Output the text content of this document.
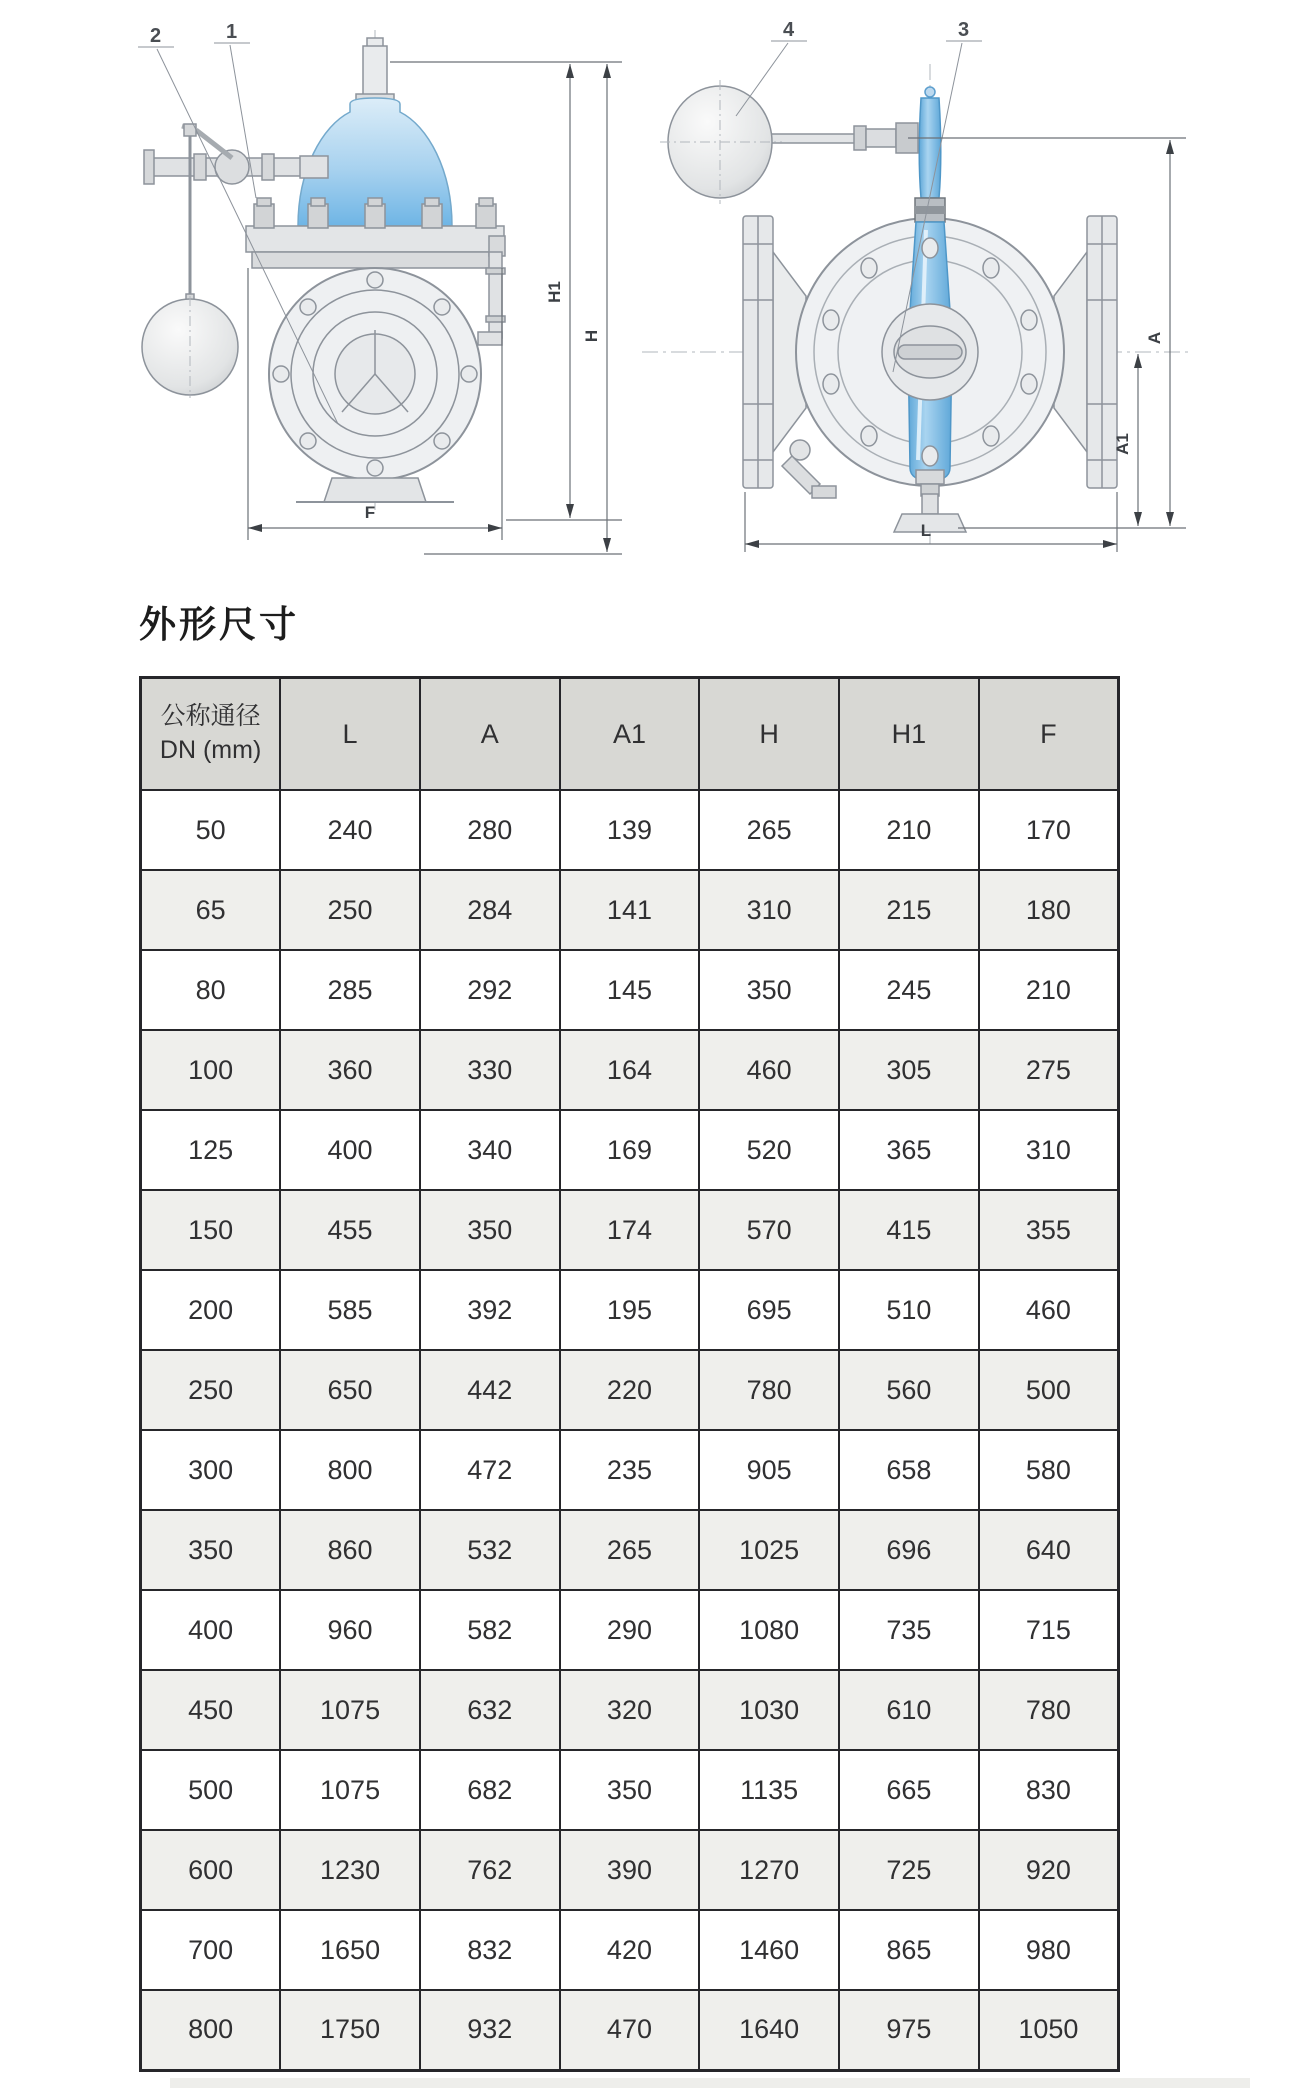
2	1
H1
H
F
4	3
A
A1
L
外形尺寸
公称通径
DN (mm)	L	A	A1	H	H1	F
50	240	280	139	265	210	170
65	250	284	141	310	215	180
80	285	292	145	350	245	210
100	360	330	164	460	305	275
125	400	340	169	520	365	310
150	455	350	174	570	415	355
200	585	392	195	695	510	460
250	650	442	220	780	560	500
300	800	472	235	905	658	580
350	860	532	265	1025	696	640
400	960	582	290	1080	735	715
450	1075	632	320	1030	610	780
500	1075	682	350	1135	665	830
600	1230	762	390	1270	725	920
700	1650	832	420	1460	865	980
800	1750	932	470	1640	975	1050
